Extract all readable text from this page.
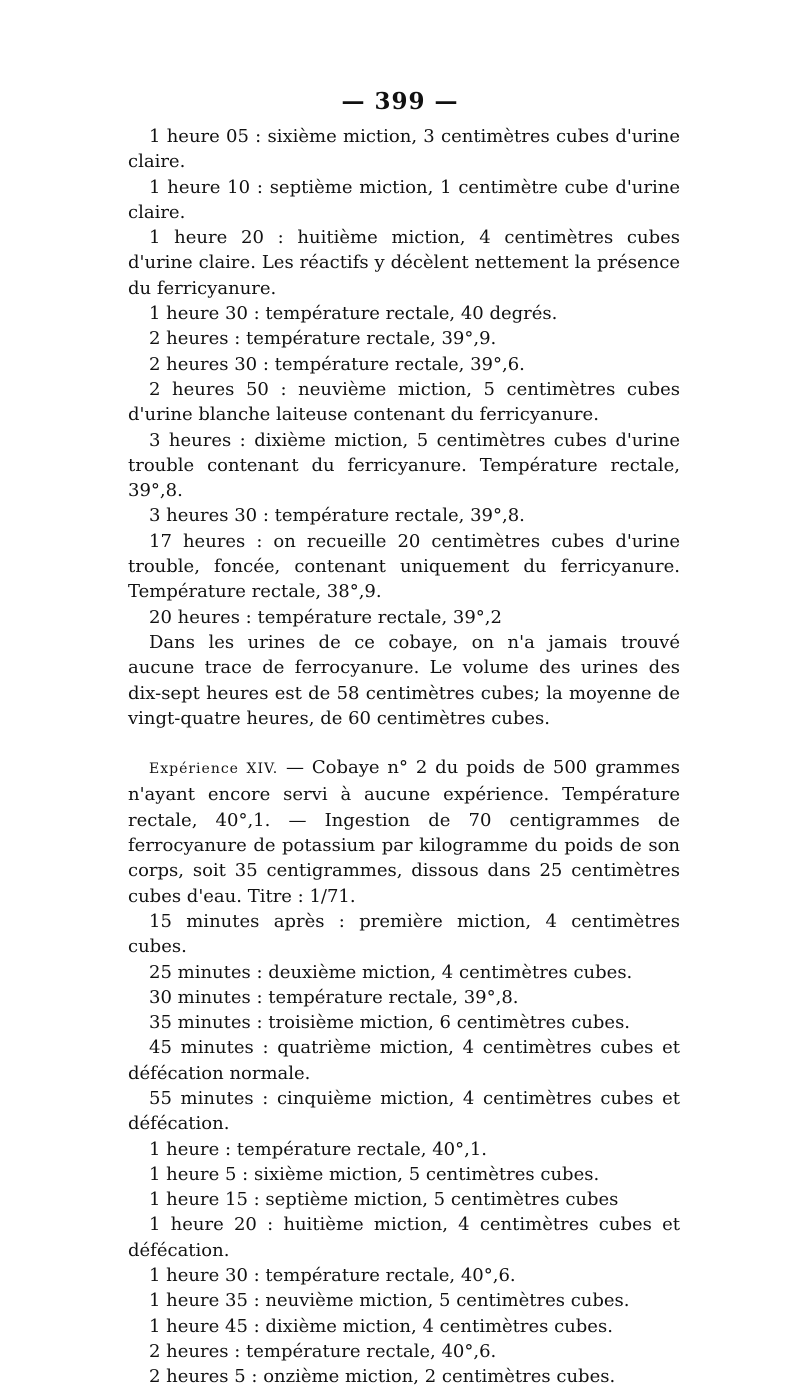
— 399 —

1 heure 05 : sixième miction, 3 centimètres cubes d'urine claire.

1 heure 10 : septième miction, 1 centimètre cube d'urine claire.

1 heure 20 : huitième miction, 4 centimètres cubes d'urine claire. Les réactifs y décèlent nettement la présence du ferricyanure.

1 heure 30 : température rectale, 40 degrés.

2 heures : température rectale, 39°,9.

2 heures 30 : température rectale, 39°,6.

2 heures 50 : neuvième miction, 5 centimètres cubes d'urine blanche laiteuse contenant du ferricyanure.

3 heures : dixième miction, 5 centimètres cubes d'urine trouble contenant du ferricyanure. Température rectale, 39°,8.

3 heures 30 : température rectale, 39°,8.

17 heures : on recueille 20 centimètres cubes d'urine trouble, foncée, contenant uniquement du ferricyanure. Température rectale, 38°,9.

20 heures : température rectale, 39°,2

Dans les urines de ce cobaye, on n'a jamais trouvé aucune trace de ferrocyanure. Le volume des urines des dix-sept heures est de 58 centimètres cubes; la moyenne de vingt-quatre heures, de 60 centimètres cubes.

Expérience XIV. — Cobaye n° 2 du poids de 500 grammes n'ayant encore servi à aucune expérience. Température rectale, 40°,1. — Ingestion de 70 centigrammes de ferrocyanure de potassium par kilogramme du poids de son corps, soit 35 centigrammes, dissous dans 25 centimètres cubes d'eau. Titre : 1/71.

15 minutes après : première miction, 4 centimètres cubes.

25 minutes : deuxième miction, 4 centimètres cubes.

30 minutes : température rectale, 39°,8.

35 minutes : troisième miction, 6 centimètres cubes.

45 minutes : quatrième miction, 4 centimètres cubes et défécation normale.

55 minutes : cinquième miction, 4 centimètres cubes et défécation.

1 heure : température rectale, 40°,1.

1 heure 5 : sixième miction, 5 centimètres cubes.

1 heure 15 : septième miction, 5 centimètres cubes

1 heure 20 : huitième miction, 4 centimètres cubes et défécation.

1 heure 30 : température rectale, 40°,6.

1 heure 35 : neuvième miction, 5 centimètres cubes.

1 heure 45 : dixième miction, 4 centimètres cubes.

2 heures : température rectale, 40°,6.

2 heures 5 : onzième miction, 2 centimètres cubes.
